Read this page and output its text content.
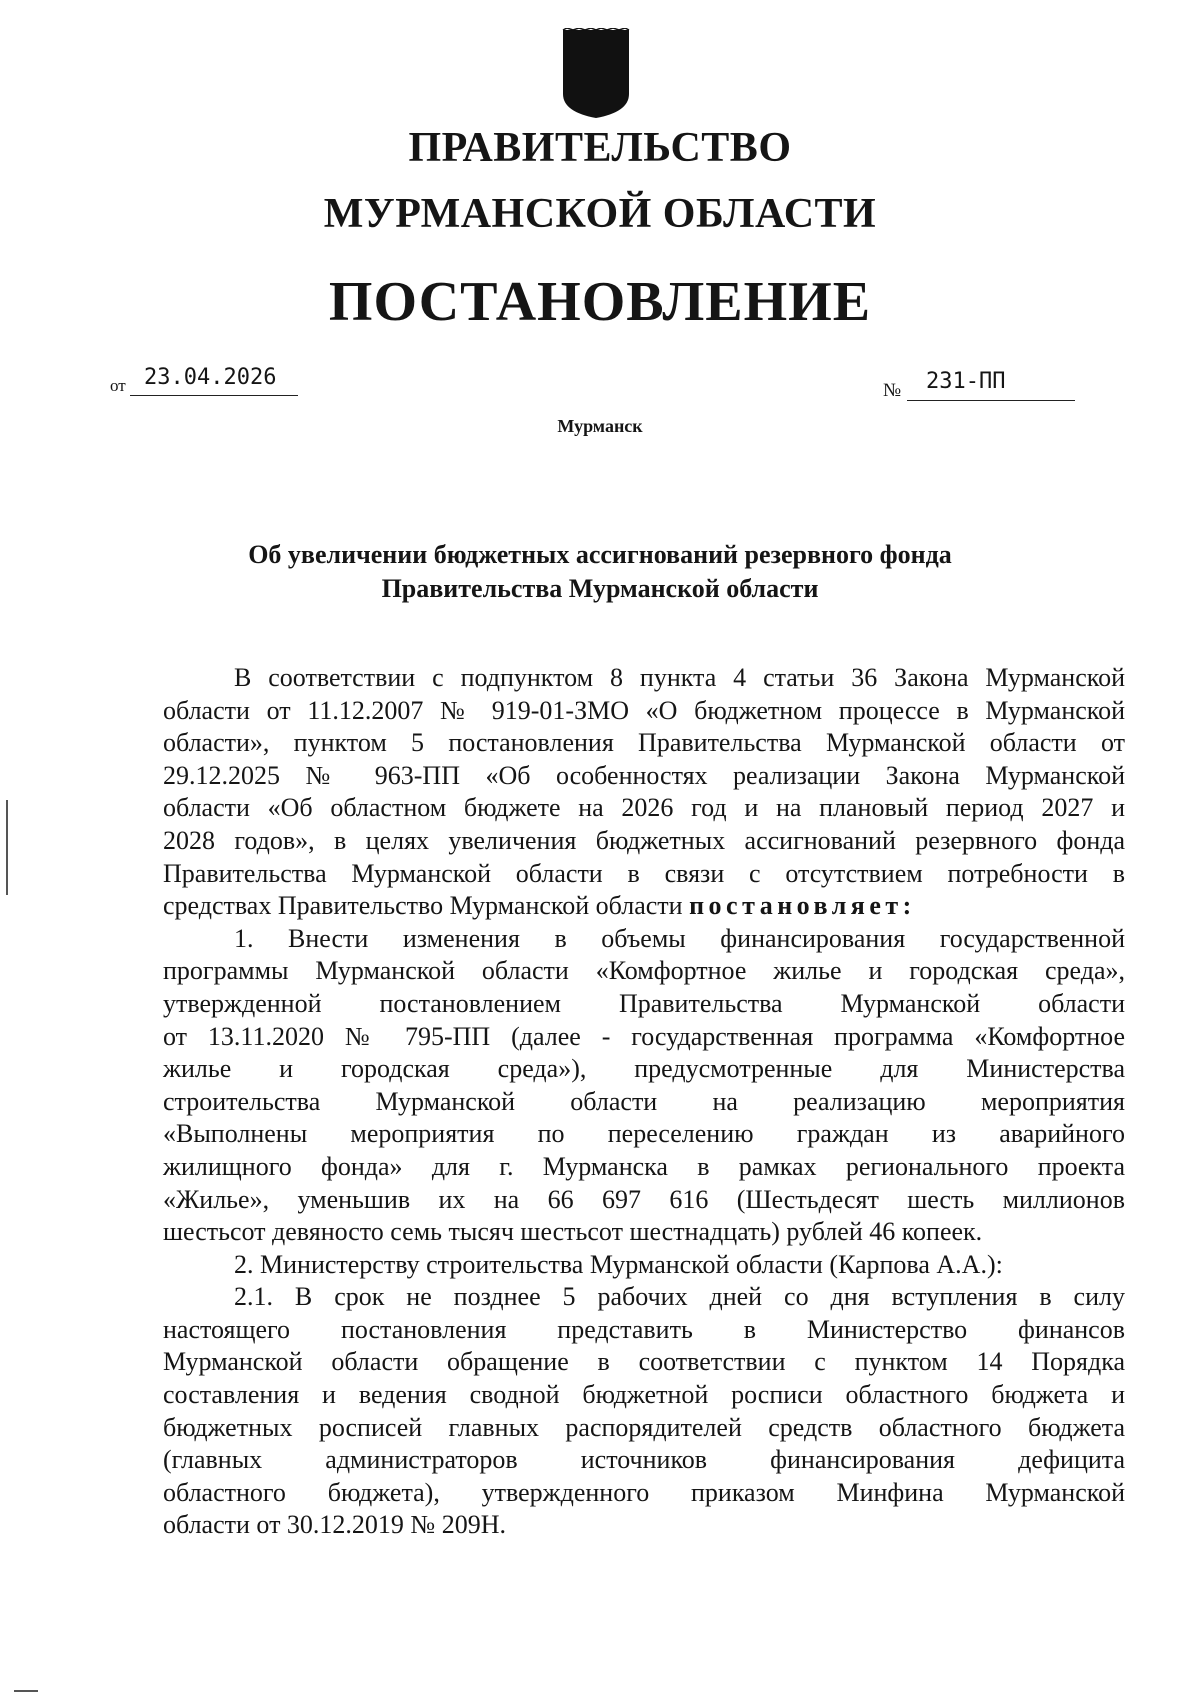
ПРАВИТЕЛЬСТВО
МУРМАНСКОЙ ОБЛАСТИ
ПОСТАНОВЛЕНИЕ
от 23.04.2026
№ 231-ПП
Мурманск
Об увеличении бюджетных ассигнований резервного фонда
Правительства Мурманской области
В соответствии с подпунктом 8 пункта 4 статьи 36 Закона Мурманской
области от 11.12.2007 № 919-01-ЗМО «О бюджетном процессе в Мурманской
области», пунктом 5 постановления Правительства Мурманской области от
29.12.2025 № 963-ПП «Об особенностях реализации Закона Мурманской
области «Об областном бюджете на 2026 год и на плановый период 2027 и
2028 годов», в целях увеличения бюджетных ассигнований резервного фонда
Правительства Мурманской области в связи с отсутствием потребности в
средствах Правительство Мурманской области постановляет:
1. Внести изменения в объемы финансирования государственной
программы Мурманской области «Комфортное жилье и городская среда»,
утвержденной постановлением Правительства Мурманской области
от 13.11.2020 № 795-ПП (далее - государственная программа «Комфортное
жилье и городская среда»), предусмотренные для Министерства
строительства Мурманской области на реализацию мероприятия
«Выполнены мероприятия по переселению граждан из аварийного
жилищного фонда» для г. Мурманска в рамках регионального проекта
«Жилье», уменьшив их на 66 697 616 (Шестьдесят шесть миллионов
шестьсот девяносто семь тысяч шестьсот шестнадцать) рублей 46 копеек.
2. Министерству строительства Мурманской области (Карпова А.А.):
2.1. В срок не позднее 5 рабочих дней со дня вступления в силу
настоящего постановления представить в Министерство финансов
Мурманской области обращение в соответствии с пунктом 14 Порядка
составления и ведения сводной бюджетной росписи областного бюджета и
бюджетных росписей главных распорядителей средств областного бюджета
(главных администраторов источников финансирования дефицита
областного бюджета), утвержденного приказом Минфина Мурманской
области от 30.12.2019 № 209Н.
